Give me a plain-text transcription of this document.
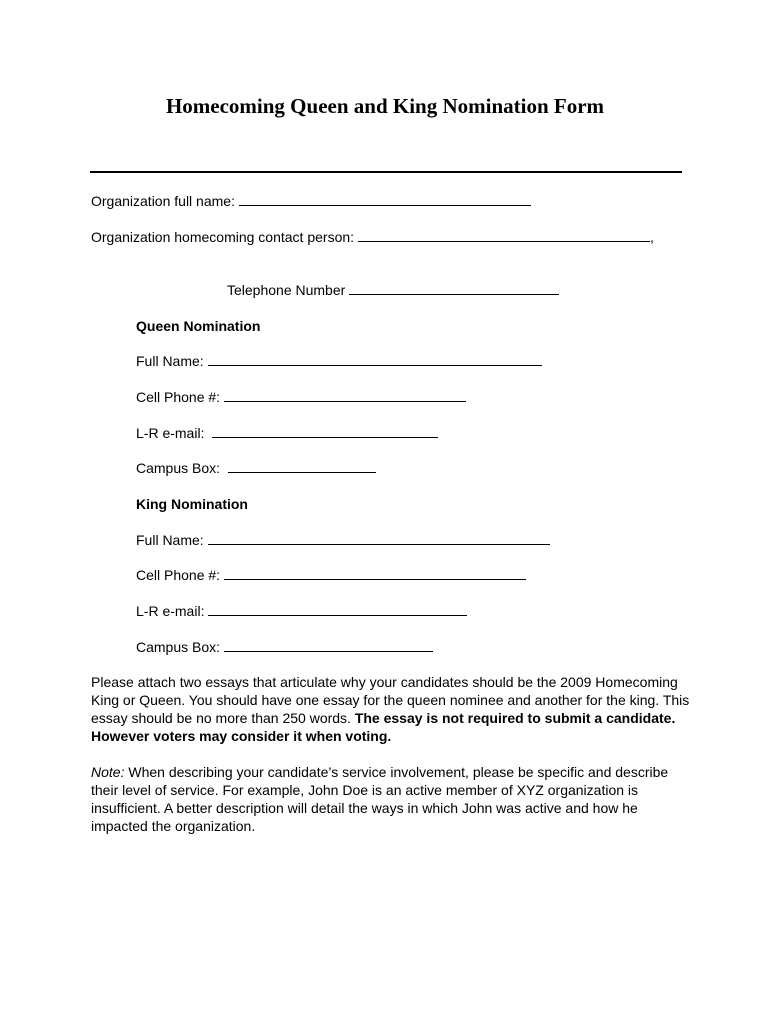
Homecoming Queen and King Nomination Form
Organization full name:
Organization homecoming contact person:	,
Telephone Number
Queen Nomination
Full Name:
Cell Phone #:
L-R e-mail:
Campus Box:
King Nomination
Full Name:
Cell Phone #:
L-R e-mail:
Campus Box:
Please attach two essays that articulate why your candidates should be the 2009 Homecoming King or Queen. You should have one essay for the queen nominee and another for the king. This essay should be no more than 250 words. The essay is not required to submit a candidate. However voters may consider it when voting.
Note: When describing your candidate’s service involvement, please be specific and describe their level of service. For example, John Doe is an active member of XYZ organization is insufficient. A better description will detail the ways in which John was active and how he impacted the organization.
